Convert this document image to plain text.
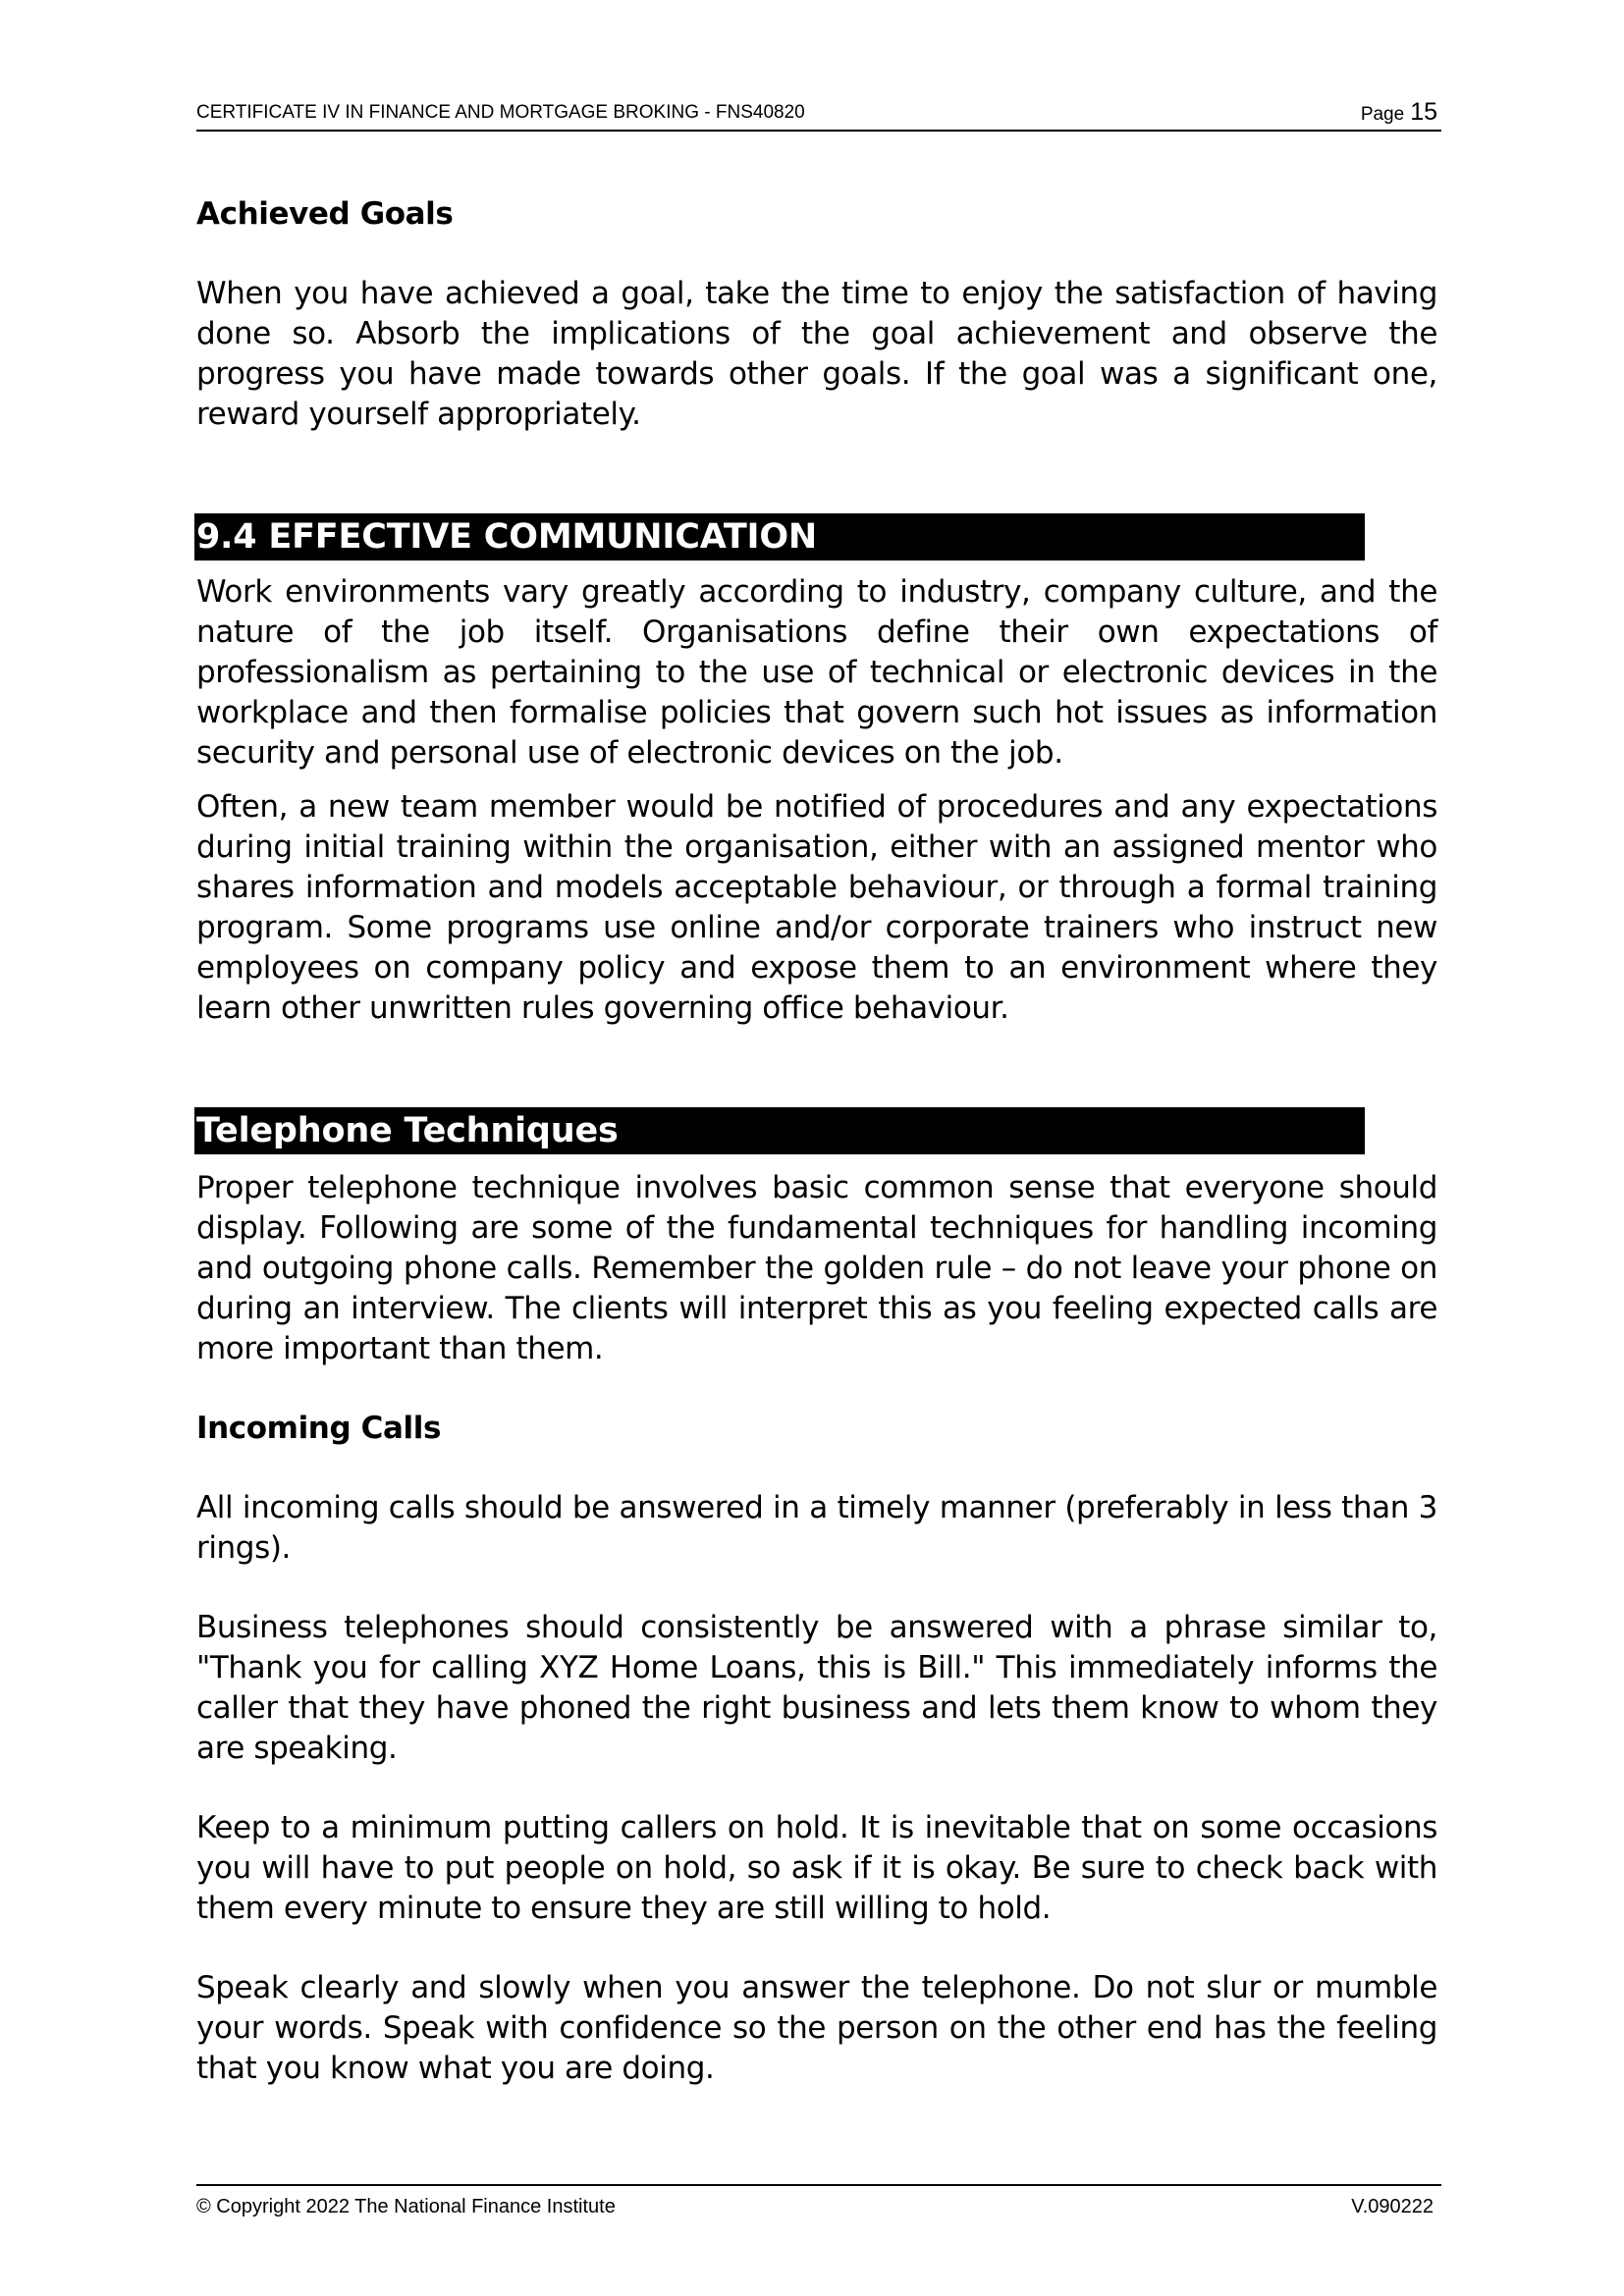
CERTIFICATE IV IN FINANCE AND MORTGAGE BROKING - FNS40820	Page 15
Achieved Goals

When you have achieved a goal, take the time to enjoy the satisfaction of having done so. Absorb the implications of the goal achievement and observe the progress you have made towards other goals. If the goal was a significant one, reward yourself appropriately.

9.4 EFFECTIVE COMMUNICATION

Work environments vary greatly according to industry, company culture, and the nature of the job itself. Organisations define their own expectations of professionalism as pertaining to the use of technical or electronic devices in the workplace and then formalise policies that govern such hot issues as information security and personal use of electronic devices on the job.

Often, a new team member would be notified of procedures and any expectations during initial training within the organisation, either with an assigned mentor who shares information and models acceptable behaviour, or through a formal training program. Some programs use online and/or corporate trainers who instruct new employees on company policy and expose them to an environment where they learn other unwritten rules governing office behaviour.

Telephone Techniques

Proper telephone technique involves basic common sense that everyone should display. Following are some of the fundamental techniques for handling incoming and outgoing phone calls. Remember the golden rule – do not leave your phone on during an interview. The clients will interpret this as you feeling expected calls are more important than them.

Incoming Calls

All incoming calls should be answered in a timely manner (preferably in less than 3 rings).

Business telephones should consistently be answered with a phrase similar to, "Thank you for calling XYZ Home Loans, this is Bill." This immediately informs the caller that they have phoned the right business and lets them know to whom they are speaking.

Keep to a minimum putting callers on hold. It is inevitable that on some occasions you will have to put people on hold, so ask if it is okay. Be sure to check back with them every minute to ensure they are still willing to hold.

Speak clearly and slowly when you answer the telephone. Do not slur or mumble your words. Speak with confidence so the person on the other end has the feeling that you know what you are doing.

© Copyright 2022 The National Finance Institute	V.090222
